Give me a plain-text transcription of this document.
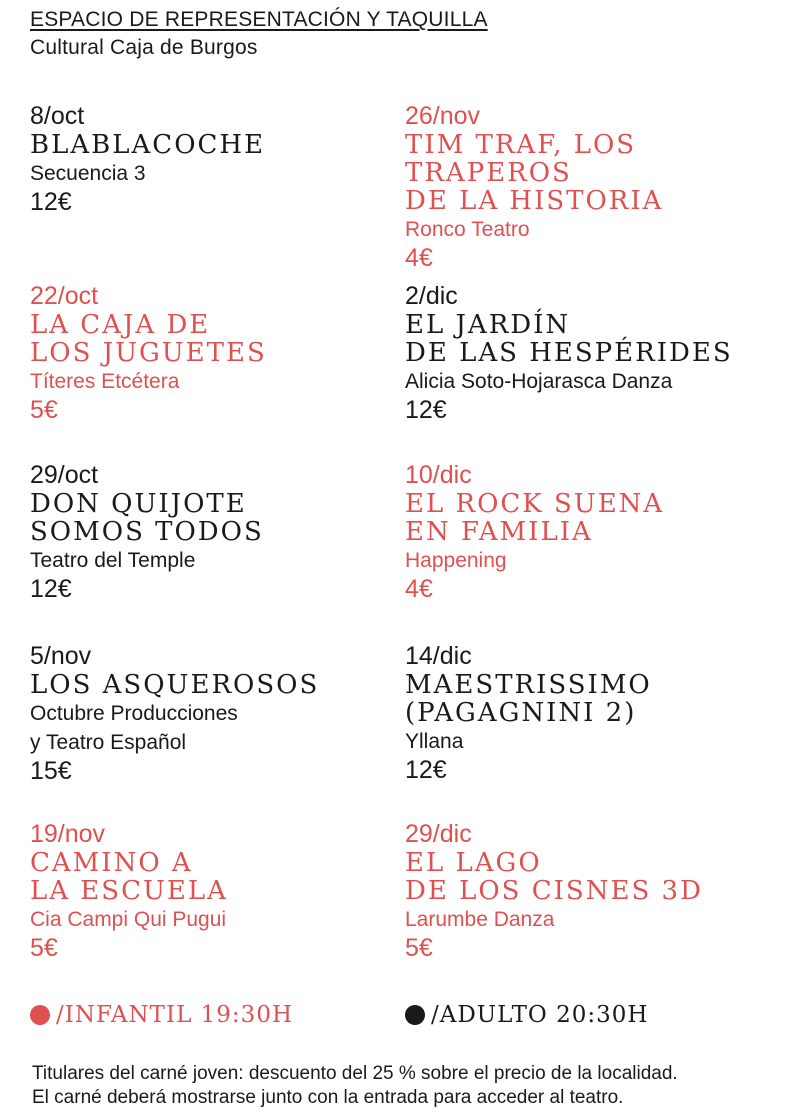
ESPACIO DE REPRESENTACIÓN Y TAQUILLA
Cultural Caja de Burgos
8/oct
BLABLACOCHE
Secuencia 3
12€
26/nov
TIM TRAF, LOS TRAPEROS
DE LA HISTORIA
Ronco Teatro
4€
22/oct
LA CAJA DE
LOS JUGUETES
Títeres Etcétera
5€
2/dic
EL JARDÍN
DE LAS HESPÉRIDES
Alicia Soto-Hojarasca Danza
12€
29/oct
DON QUIJOTE
SOMOS TODOS
Teatro del Temple
12€
10/dic
EL ROCK SUENA
EN FAMILIA
Happening
4€
5/nov
LOS ASQUEROSOS
Octubre Producciones
y Teatro Español
15€
14/dic
MAESTRISSIMO
(PAGAGNINI 2)
Yllana
12€
19/nov
CAMINO A
LA ESCUELA
Cia Campi Qui Pugui
5€
29/dic
EL LAGO
DE LOS CISNES 3D
Larumbe Danza
5€
/INFANTIL 19:30H	/ADULTO 20:30H
Titulares del carné joven: descuento del 25 % sobre el precio de la localidad.
El carné deberá mostrarse junto con la entrada para acceder al teatro.
